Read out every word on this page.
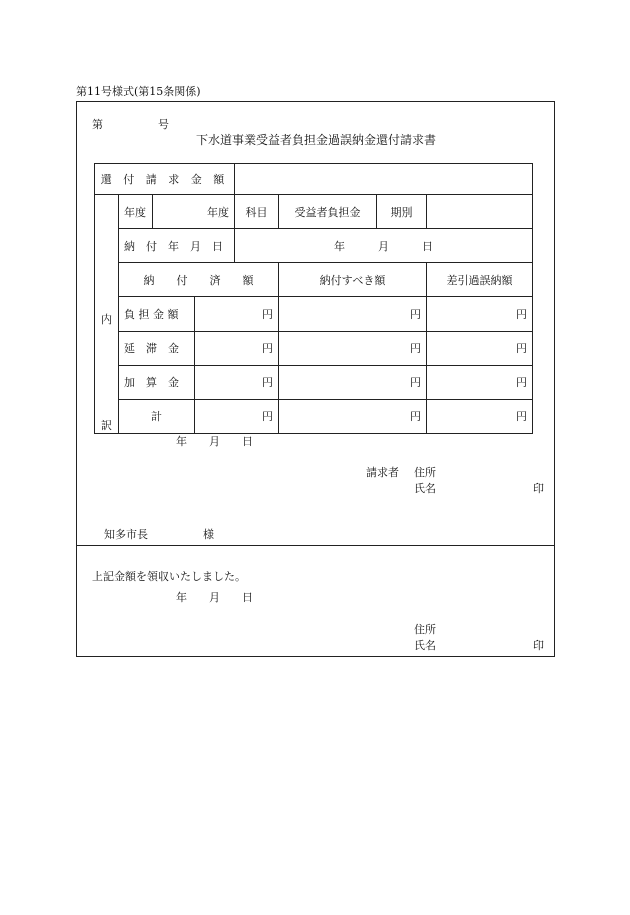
第11号様式(第15条関係)
第　　　　　号
下水道事業受益者負担金過誤納金還付請求書
還 付 請 求 金 額							

内
訳	年度	年度		科目	受益者負担金	期別	
	納　付　年　月　日			年　　　月　　　日			
	納　　付　　済　　額				納付すべき額		差引過誤納額
	負 担 金 額		円		円		円
	延　滞　金		円		円		円
	加　算　金		円		円		円
	計		円		円		円
年　　月　　日
請求者 住所
氏名	印
知多市長　　　　　様
上記金額を領収いたしました。
年　　月　　日
住所
氏名	印
